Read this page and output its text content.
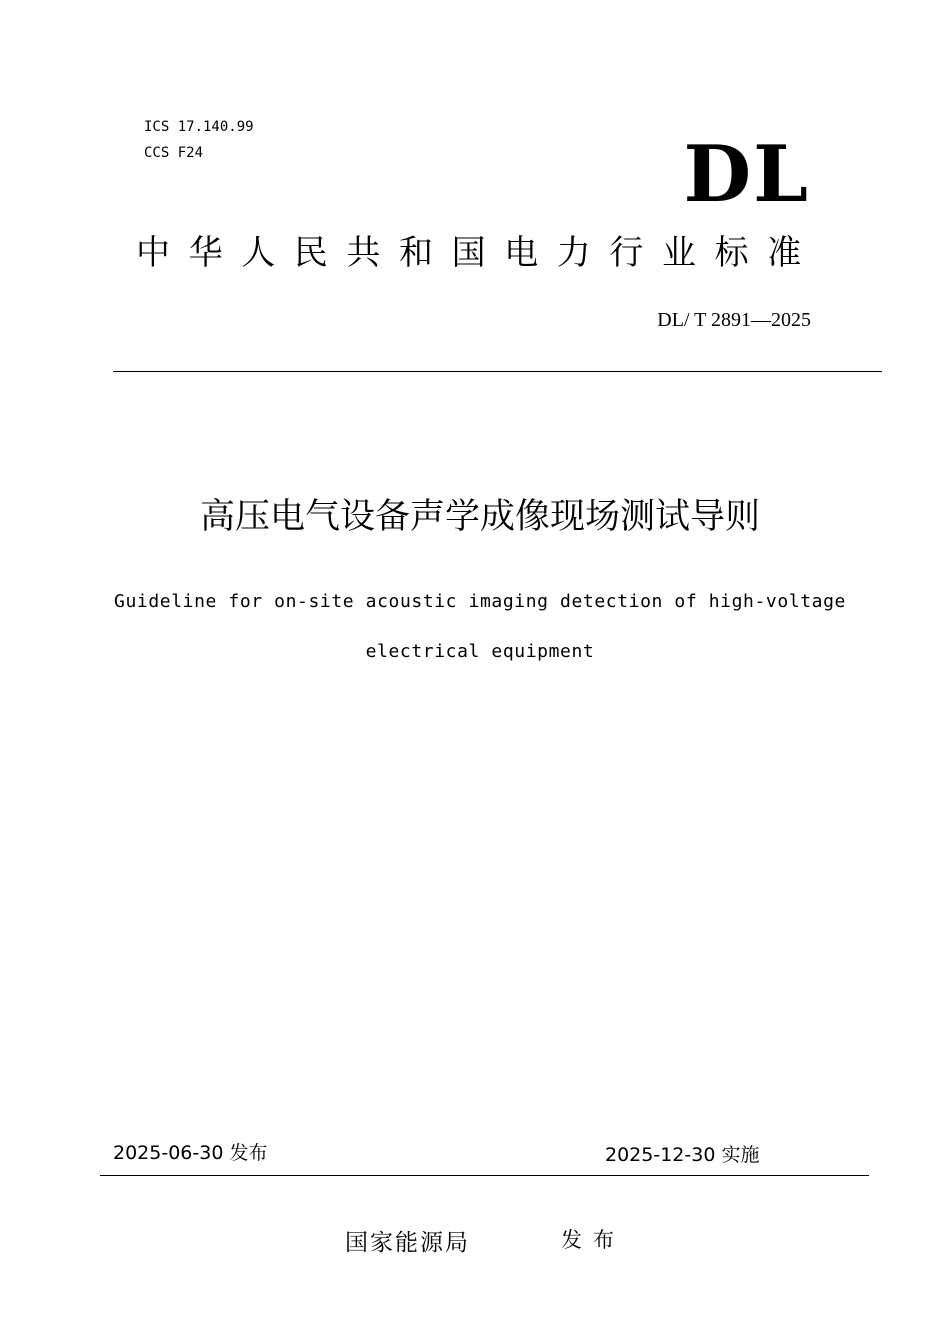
ICS 17.140.99
CCS F24	DL
中华人民共和国电力行业标准
DL/ T 2891—2025
高压电气设备声学成像现场测试导则
Guideline for on-site acoustic imaging detection of high-voltage
electrical equipment
2025-06-30 发布	2025-12-30 实施
国家能源局	发布
